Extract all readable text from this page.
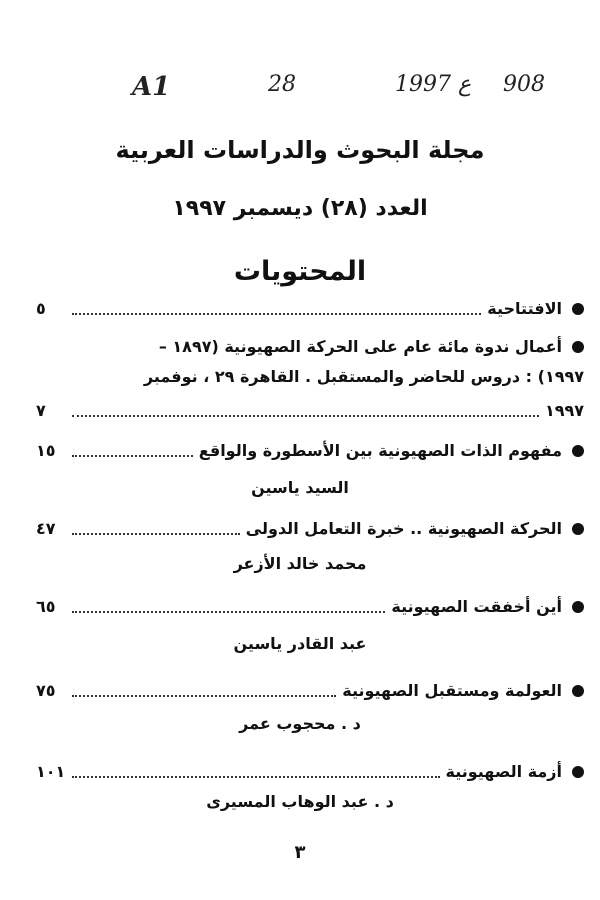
A1	28	ع 1997 908
مجلة البحوث والدراسات العربية
العدد (٢٨) ديسمبر ١٩٩٧
المحتويات
الافتتاحية
٥
أعمال ندوة مائة عام على الحركة الصهيونية (١٨٩٧ –
١٩٩٧) : دروس للحاضر والمستقبل . القاهرة ٢٩ ، نوفمبر
١٩٩٧
٧
مفهوم الذات الصهيونية بين الأسطورة والواقع
١٥
الحركة الصهيونية .. خبرة التعامل الدولى
٤٧
أين أخفقت الصهيونية
٦٥
العولمة ومستقبل الصهيونية
٧٥
أزمة الصهيونية
١٠١
السيد ياسين
محمد خالد الأزعر
عبد القادر ياسين
د . محجوب عمر
د . عبد الوهاب المسيرى
٣
